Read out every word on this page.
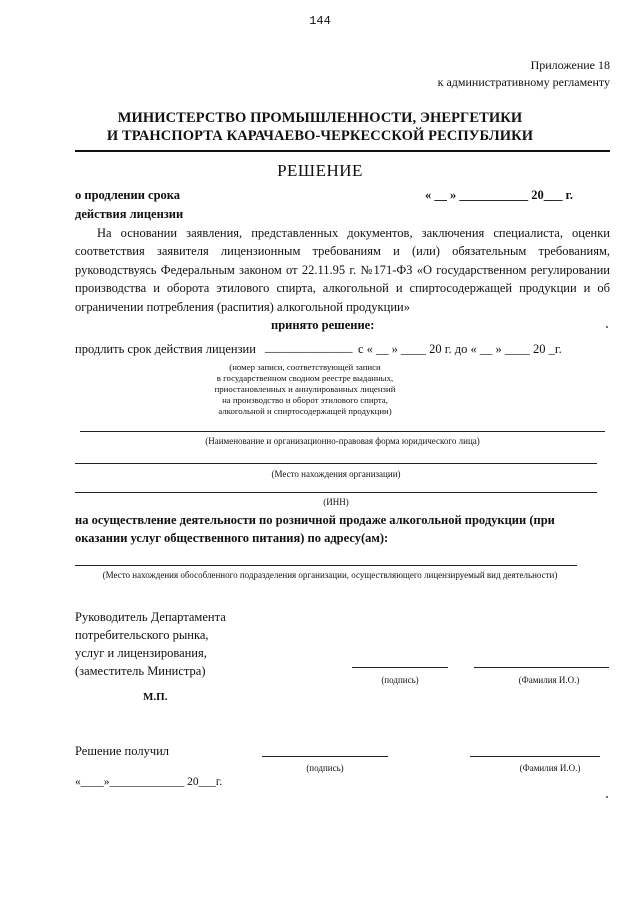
144
Приложение 18
к административному регламенту
МИНИСТЕРСТВО ПРОМЫШЛЕННОСТИ, ЭНЕРГЕТИКИ
И ТРАНСПОРТА КАРАЧАЕВО-ЧЕРКЕССКОЙ РЕСПУБЛИКИ
РЕШЕНИЕ
о продлении срока
действия лицензии
« __ » ___________ 20___ г.
На основании заявления, представленных документов, заключения специалиста, оценки соответствия заявителя лицензионным требованиям и (или) обязательным требованиям, руководствуясь Федеральным законом от 22.11.95 г. №171-ФЗ «О государственном регулировании производства и оборота этилового спирта, алкогольной и спиртосодержащей продукции и об ограничении потребления (распития) алкогольной продукции»
принято решение:
продлить срок действия лицензии ______________ с « __ » ____ 20 г. до « __ » ____ 20 _г.
(номер записи, соответствующей записи
в государственном сводном реестре выданных,
приостановленных и аннулированных лицензий
на производство и оборот этилового спирта,
алкогольной и спиртосодержащей продукции)
(Наименование и организационно-правовая форма юридического лица)
(Место нахождения организации)
(ИНН)
на осуществление деятельности по розничной продаже алкогольной продукции (при
оказании услуг общественного питания) по адресу(ам):
(Место нахождения обособленного подразделения организации, осуществляющего лицензируемый вид деятельности)
Руководитель Департамента
потребительского рынка,
услуг и лицензирования,
(заместитель Министра)
(подпись)	(Фамилия И.О.)
М.П.
Решение получил
(подпись)	(Фамилия И.О.)
«____»_____________ 20___г.
